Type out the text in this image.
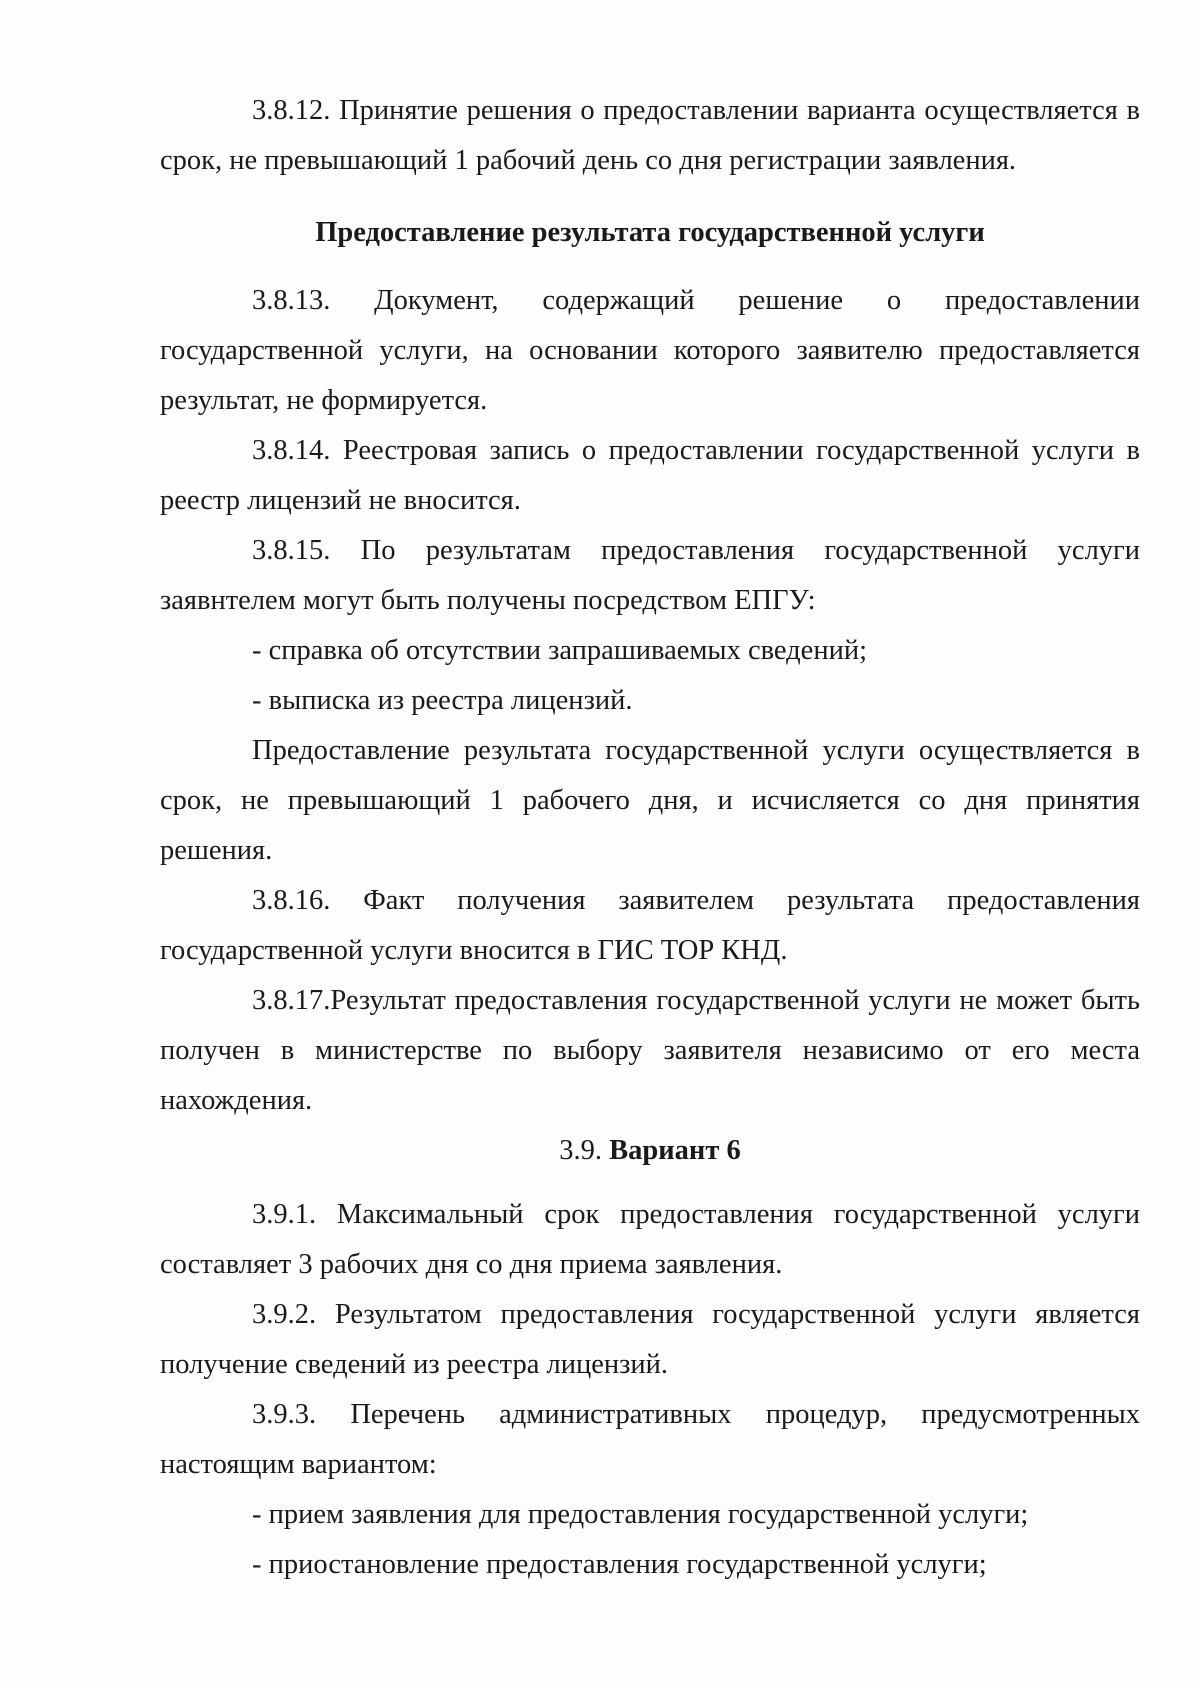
3.8.12. Принятие решения о предоставлении варианта осуществляется в срок, не превышающий 1 рабочий день со дня регистрации заявления.

Предоставление результата государственной услуги

3.8.13. Документ, содержащий решение о предоставлении государственной услуги, на основании которого заявителю предоставляется результат, не формируется.

3.8.14. Реестровая запись о предоставлении государственной услуги в реестр лицензий не вносится.

3.8.15. По результатам предоставления государственной услуги заявнтелем могут быть получены посредством ЕПГУ:

- справка об отсутствии запрашиваемых сведений;

- выписка из реестра лицензий.

Предоставление результата государственной услуги осуществляется в срок, не превышающий 1 рабочего дня, и исчисляется со дня принятия решения.

3.8.16. Факт получения заявителем результата предоставления государственной услуги вносится в ГИС ТОР КНД.

3.8.17.Результат предоставления государственной услуги не может быть получен в министерстве по выбору заявителя независимо от его места нахождения.

3.9. Вариант 6

3.9.1. Максимальный срок предоставления государственной услуги составляет 3 рабочих дня со дня приема заявления.

3.9.2. Результатом предоставления государственной услуги является получение сведений из реестра лицензий.

3.9.3. Перечень административных процедур, предусмотренных настоящим вариантом:

- прием заявления для предоставления государственной услуги;

- приостановление предоставления государственной услуги;
